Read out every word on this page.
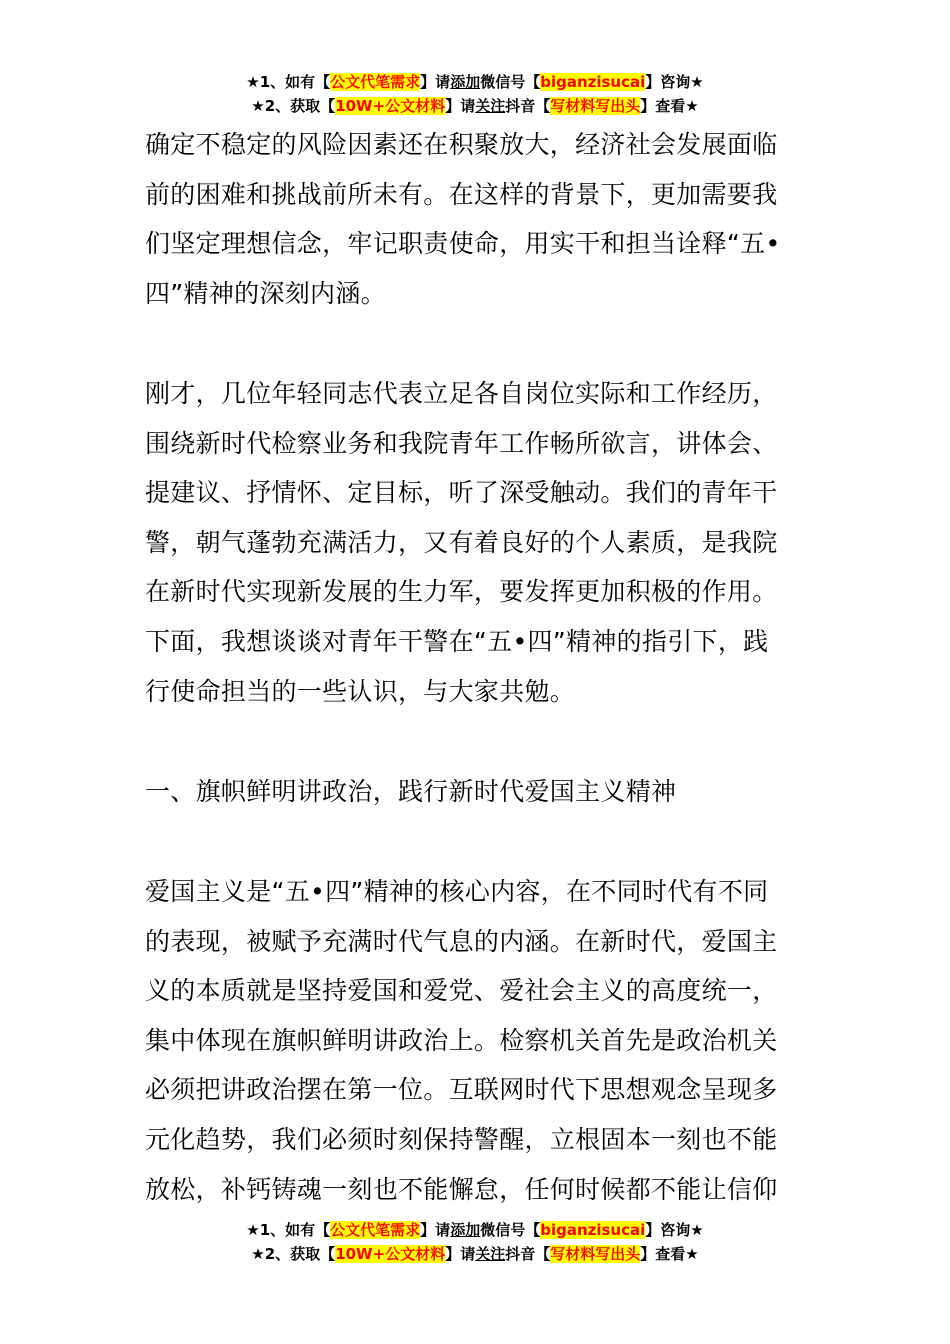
★1、如有【公文代笔需求】请添加微信号【biganzisucai】咨询★
★2、获取【10W+公文材料】请关注抖音【写材料写出头】查看★
确定不稳定的风险因素还在积聚放大，经济社会发展面临
前的困难和挑战前所未有。在这样的背景下，更加需要我
们坚定理想信念，牢记职责使命，用实干和担当诠释“五•
四”精神的深刻内涵。
刚才，几位年轻同志代表立足各自岗位实际和工作经历，
围绕新时代检察业务和我院青年工作畅所欲言，讲体会、
提建议、抒情怀、定目标，听了深受触动。我们的青年干
警，朝气蓬勃充满活力，又有着良好的个人素质，是我院
在新时代实现新发展的生力军，要发挥更加积极的作用。
下面，我想谈谈对青年干警在“五•四”精神的指引下，践
行使命担当的一些认识，与大家共勉。
一、旗帜鲜明讲政治，践行新时代爱国主义精神
爱国主义是“五•四”精神的核心内容，在不同时代有不同
的表现，被赋予充满时代气息的内涵。在新时代，爱国主
义的本质就是坚持爱国和爱党、爱社会主义的高度统一，
集中体现在旗帜鲜明讲政治上。检察机关首先是政治机关
必须把讲政治摆在第一位。互联网时代下思想观念呈现多
元化趋势，我们必须时刻保持警醒，立根固本一刻也不能
放松，补钙铸魂一刻也不能懈怠，任何时候都不能让信仰
★1、如有【公文代笔需求】请添加微信号【biganzisucai】咨询★
★2、获取【10W+公文材料】请关注抖音【写材料写出头】查看★
